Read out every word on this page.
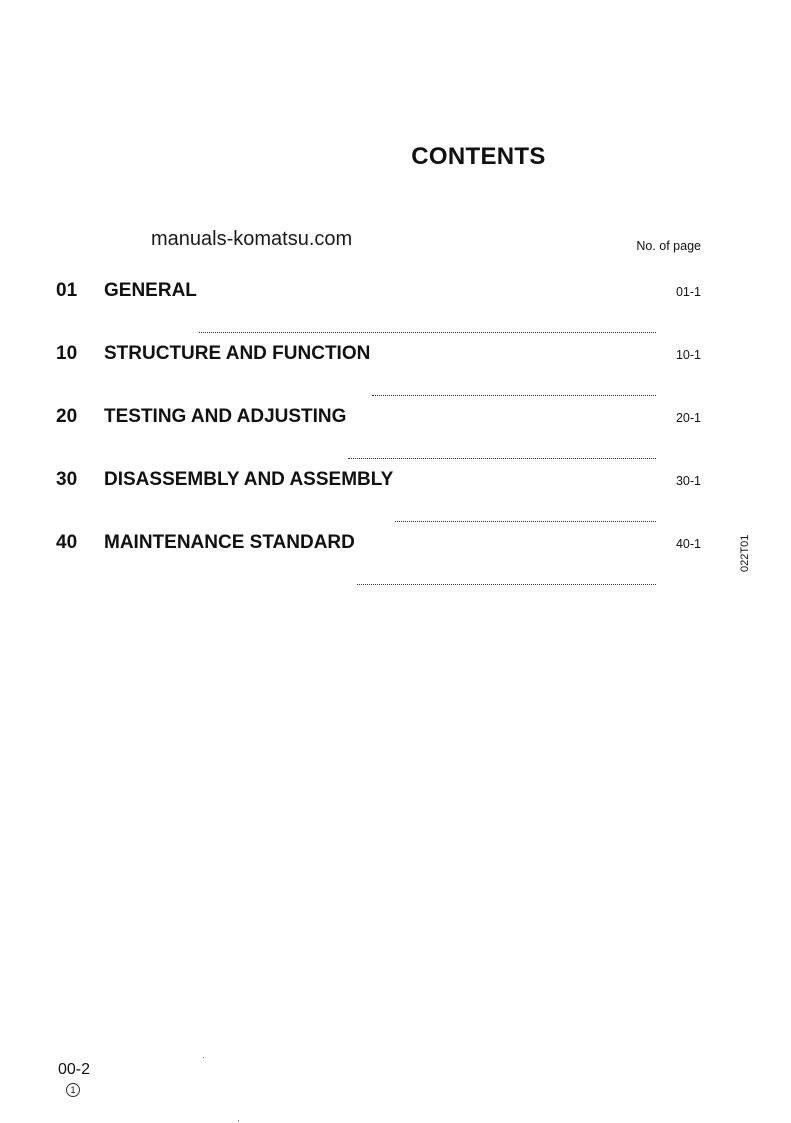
CONTENTS
manuals-komatsu.com	No. of page
01	GENERAL	01-1
10	STRUCTURE AND FUNCTION	10-1
20	TESTING AND ADJUSTING	20-1
30	DISASSEMBLY AND ASSEMBLY	30-1
40	MAINTENANCE STANDARD	40-1	022T01
00-2
1
